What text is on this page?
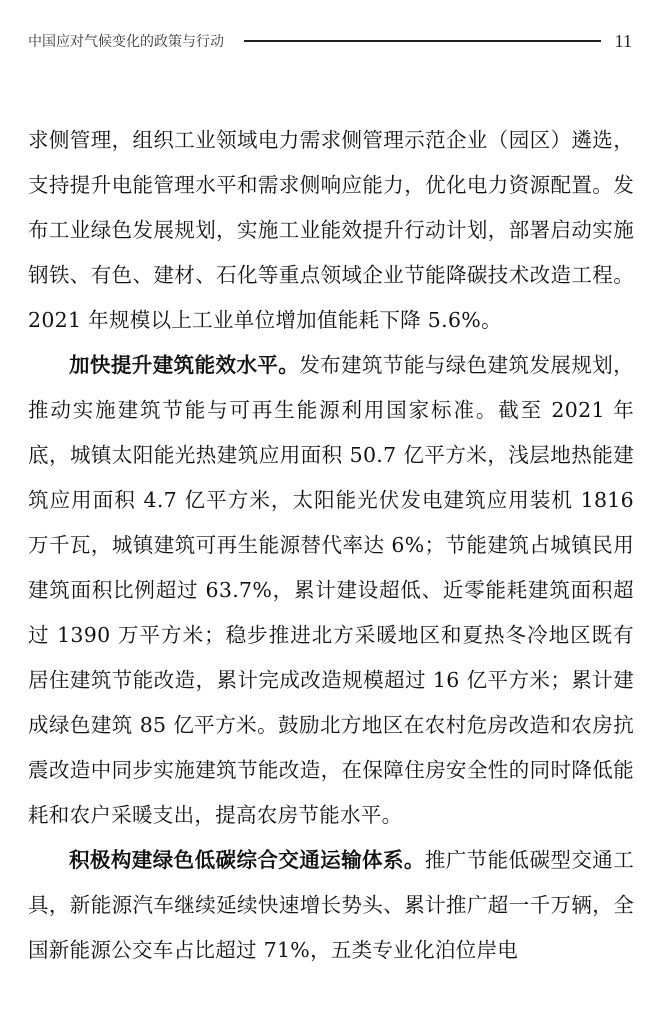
中国应对气候变化的政策与行动	11

求侧管理，组织工业领域电力需求侧管理示范企业（园区）遴选，支持提升电能管理水平和需求侧响应能力，优化电力资源配置。发布工业绿色发展规划，实施工业能效提升行动计划，部署启动实施钢铁、有色、建材、石化等重点领域企业节能降碳技术改造工程。2021 年规模以上工业单位增加值能耗下降 5.6%。

加快提升建筑能效水平。发布建筑节能与绿色建筑发展规划，推动实施建筑节能与可再生能源利用国家标准。截至 2021 年底，城镇太阳能光热建筑应用面积 50.7 亿平方米，浅层地热能建筑应用面积 4.7 亿平方米，太阳能光伏发电建筑应用装机 1816 万千瓦，城镇建筑可再生能源替代率达 6%；节能建筑占城镇民用建筑面积比例超过 63.7%，累计建设超低、近零能耗建筑面积超过 1390 万平方米；稳步推进北方采暖地区和夏热冬冷地区既有居住建筑节能改造，累计完成改造规模超过 16 亿平方米；累计建成绿色建筑 85 亿平方米。鼓励北方地区在农村危房改造和农房抗震改造中同步实施建筑节能改造，在保障住房安全性的同时降低能耗和农户采暖支出，提高农房节能水平。

积极构建绿色低碳综合交通运输体系。推广节能低碳型交通工具，新能源汽车继续延续快速增长势头、累计推广超一千万辆，全国新能源公交车占比超过 71%，五类专业化泊位岸电
